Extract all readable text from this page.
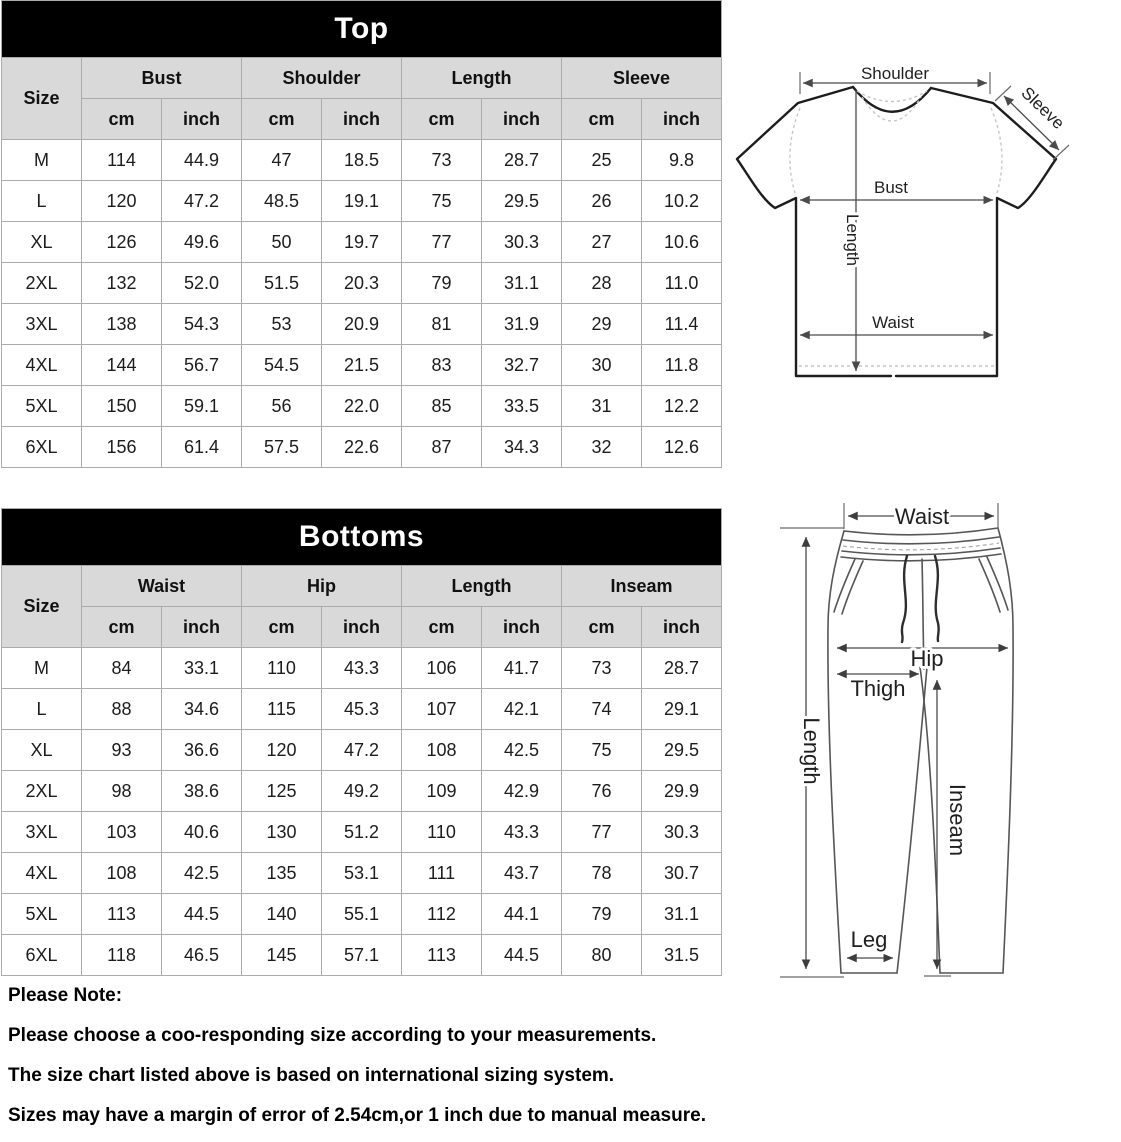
Top								
Size	Bust		Shoulder		Length		Sleeve	
	cm	inch	cm	inch	cm	inch	cm	inch
M	114	44.9	47	18.5	73	28.7	25	9.8
L	120	47.2	48.5	19.1	75	29.5	26	10.2
XL	126	49.6	50	19.7	77	30.3	27	10.6
2XL	132	52.0	51.5	20.3	79	31.1	28	11.0
3XL	138	54.3	53	20.9	81	31.9	29	11.4
4XL	144	56.7	54.5	21.5	83	32.7	30	11.8
5XL	150	59.1	56	22.0	85	33.5	31	12.2
6XL	156	61.4	57.5	22.6	87	34.3	32	12.6
Shoulder
Sleeve
Bust
Length
Waist
Bottoms								
Size	Waist		Hip		Length		Inseam	
	cm	inch	cm	inch	cm	inch	cm	inch
M	84	33.1	110	43.3	106	41.7	73	28.7
L	88	34.6	115	45.3	107	42.1	74	29.1
XL	93	36.6	120	47.2	108	42.5	75	29.5
2XL	98	38.6	125	49.2	109	42.9	76	29.9
3XL	103	40.6	130	51.2	110	43.3	77	30.3
4XL	108	42.5	135	53.1	111	43.7	78	30.7
5XL	113	44.5	140	55.1	112	44.1	79	31.1
6XL	118	46.5	145	57.1	113	44.5	80	31.5
Waist
Length
Hip
Thigh
Inseam
Leg

Please Note:

Please choose a coo-responding size according to your measurements.

The size chart listed above is based on international sizing system.

Sizes may have a margin of error of 2.54cm,or 1 inch due to manual measure.
